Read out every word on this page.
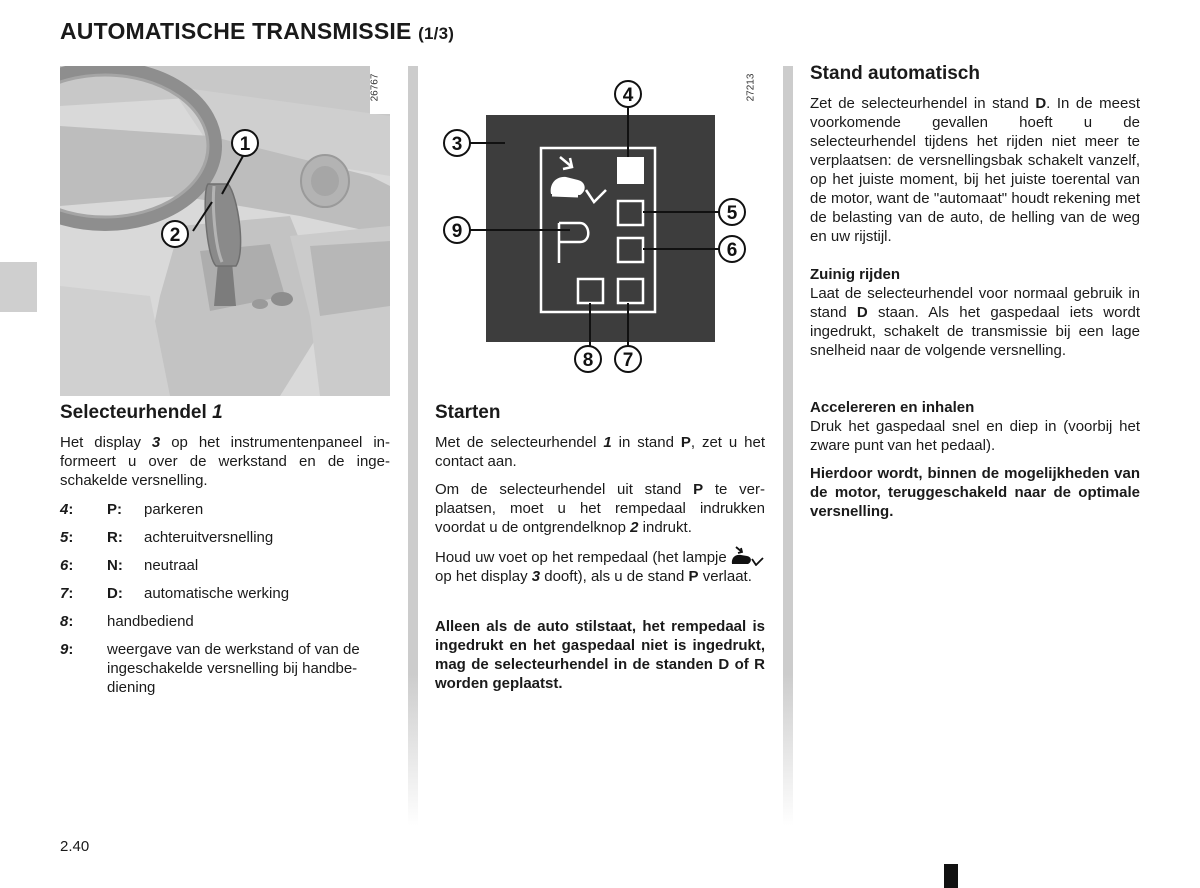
AUTOMATISCHE TRANSMISSIE (1/3)
1
2
26767	4
3
9
5
6
8 7
27213
Selecteurhendel 1
Het display 3 op het instrumentenpaneel informeert u over de werkstand en de ingeschakelde versnelling.
4:	P:	parkeren
5:	R:	achteruitversnelling
6:	N:	neutraal
7:	D:	automatische werking
8:	handbediend
9:	weergave van de werkstand of van de ingeschakelde versnelling bij handbediening
Starten
Met de selecteurhendel 1 in stand P, zet u het contact aan.
Om de selecteurhendel uit stand P te verplaatsen, moet u het rempedaal indrukken voordat u de ontgrendelknop 2 indrukt.
Houd uw voet op het rempedaal (het lampje  op het display 3 dooft), als u de stand P verlaat.
Alleen als de auto stilstaat, het rempedaal is ingedrukt en het gaspedaal niet is ingedrukt, mag de selecteurhendel in de standen D of R worden geplaatst.
Stand automatisch
Zet de selecteurhendel in stand D. In de meest voorkomende gevallen hoeft u de selecteurhendel tijdens het rijden niet meer te verplaatsen: de versnellingsbak schakelt vanzelf, op het juiste moment, bij het juiste toerental van de motor, want de "automaat" houdt rekening met de belasting van de auto, de helling van de weg en uw rijstijl.
Zuinig rijden
Laat de selecteurhendel voor normaal gebruik in stand D staan. Als het gaspedaal iets wordt ingedrukt, schakelt de transmissie bij een lage snelheid naar de volgende versnelling.
Accelereren en inhalen
Druk het gaspedaal snel en diep in (voorbij het zware punt van het pedaal).
Hierdoor wordt, binnen de mogelijkheden van de motor, teruggeschakeld naar de optimale versnelling.
2.40
